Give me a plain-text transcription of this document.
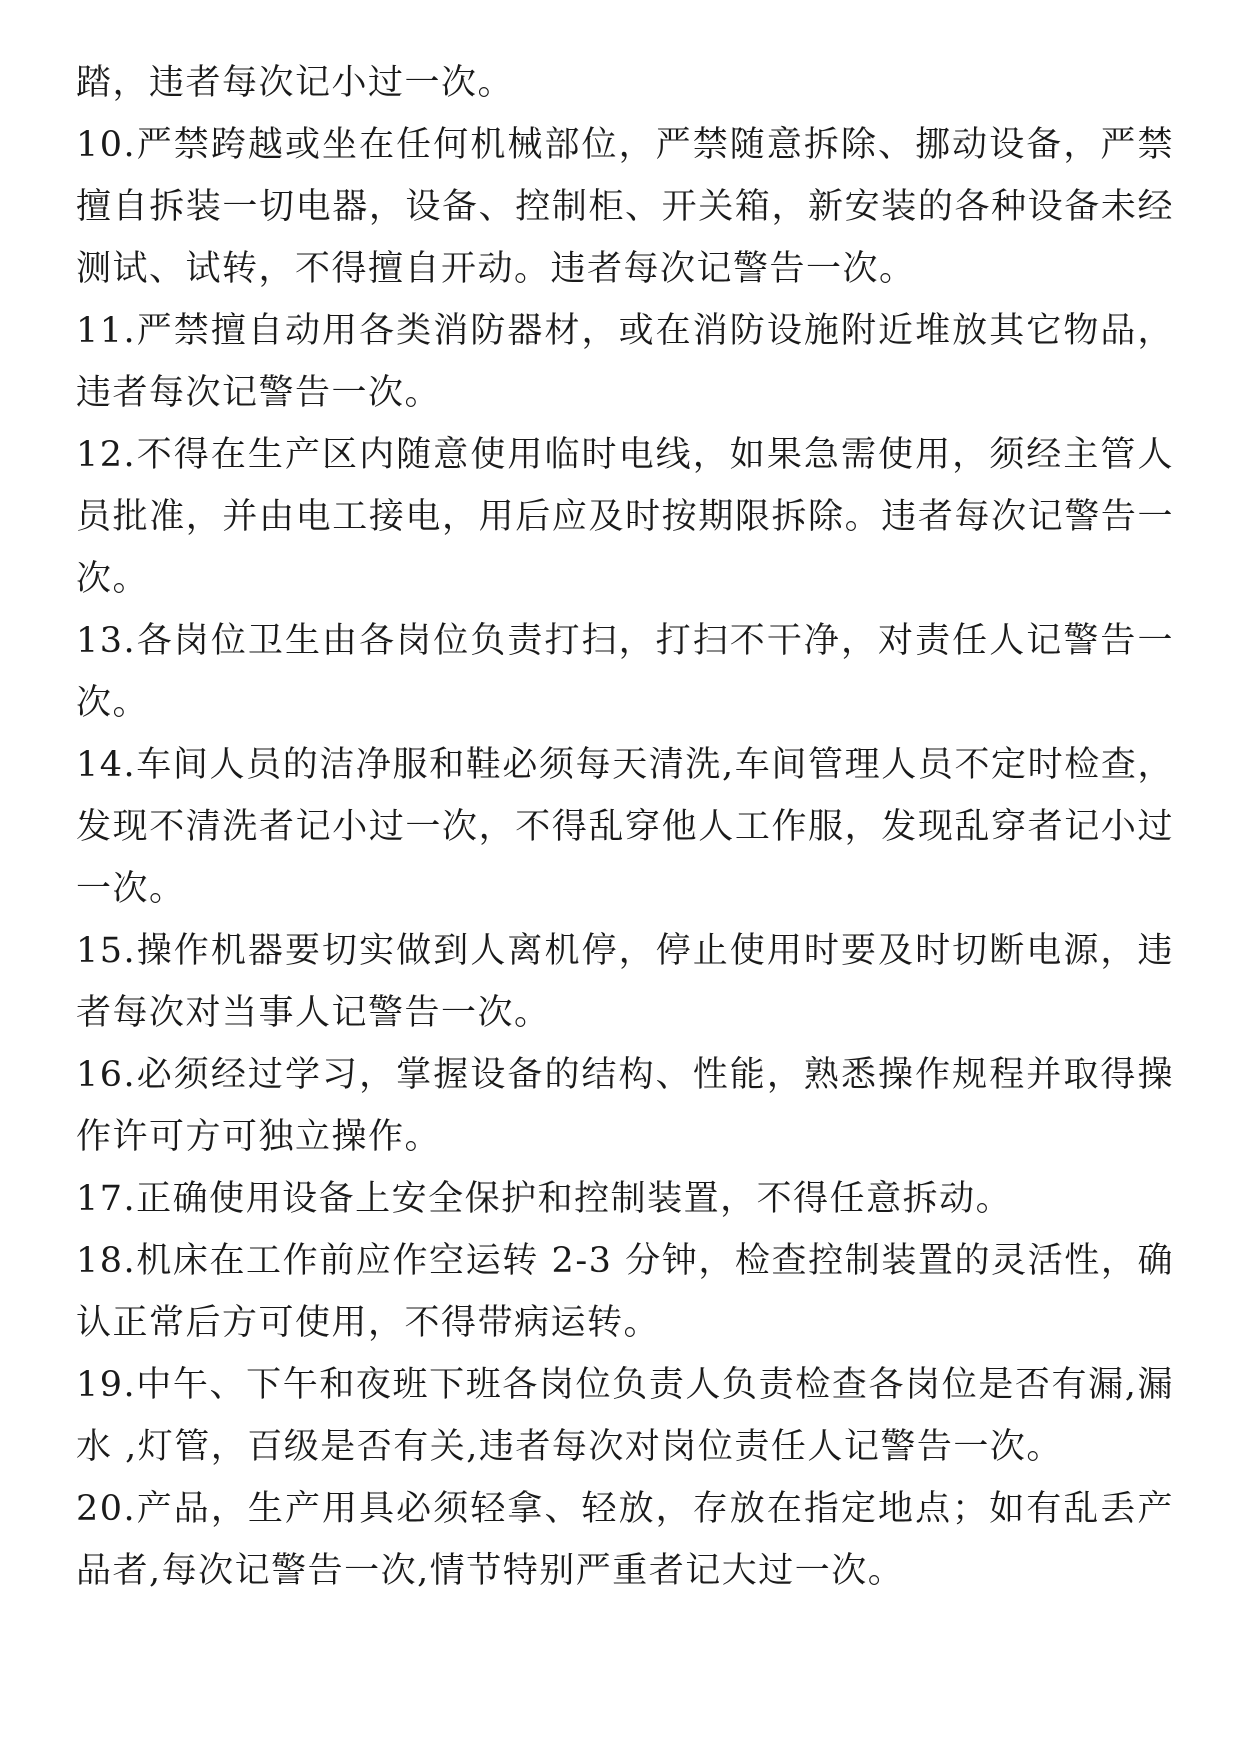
踏，违者每次记小过一次。

10.严禁跨越或坐在任何机械部位，严禁随意拆除、挪动设备，严禁擅自拆装一切电器，设备、控制柜、开关箱，新安装的各种设备未经测试、试转，不得擅自开动。违者每次记警告一次。

11.严禁擅自动用各类消防器材，或在消防设施附近堆放其它物品，违者每次记警告一次。

12.不得在生产区内随意使用临时电线，如果急需使用，须经主管人员批准，并由电工接电，用后应及时按期限拆除。违者每次记警告一次。

13.各岗位卫生由各岗位负责打扫，打扫不干净，对责任人记警告一次。

14.车间人员的洁净服和鞋必须每天清洗,车间管理人员不定时检查，发现不清洗者记小过一次，不得乱穿他人工作服，发现乱穿者记小过一次。

15.操作机器要切实做到人离机停，停止使用时要及时切断电源，违者每次对当事人记警告一次。

16.必须经过学习，掌握设备的结构、性能，熟悉操作规程并取得操作许可方可独立操作。

17.正确使用设备上安全保护和控制装置，不得任意拆动。

18.机床在工作前应作空运转 2-3 分钟，检查控制装置的灵活性，确认正常后方可使用，不得带病运转。

19.中午、下午和夜班下班各岗位负责人负责检查各岗位是否有漏,漏水 ,灯管，百级是否有关,违者每次对岗位责任人记警告一次。

20.产品，生产用具必须轻拿、轻放，存放在指定地点；如有乱丢产品者,每次记警告一次,情节特别严重者记大过一次。
